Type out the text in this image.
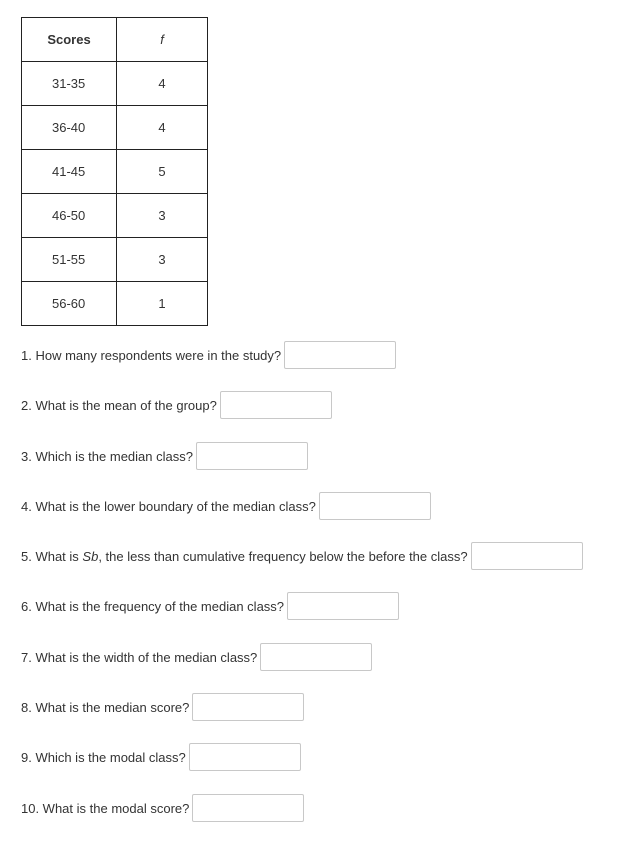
Scores	f
31-35	4
36-40	4
41-45	5
46-50	3
51-55	3
56-60	1
1. How many respondents were in the study?
2. What is the mean of the group?
3. Which is the median class?
4. What is the lower boundary of the median class?
5. What is Sb, the less than cumulative frequency below the before the class?
6. What is the frequency of the median class?
7. What is the width of the median class?
8. What is the median score?
9. Which is the modal class?
10. What is the modal score?
